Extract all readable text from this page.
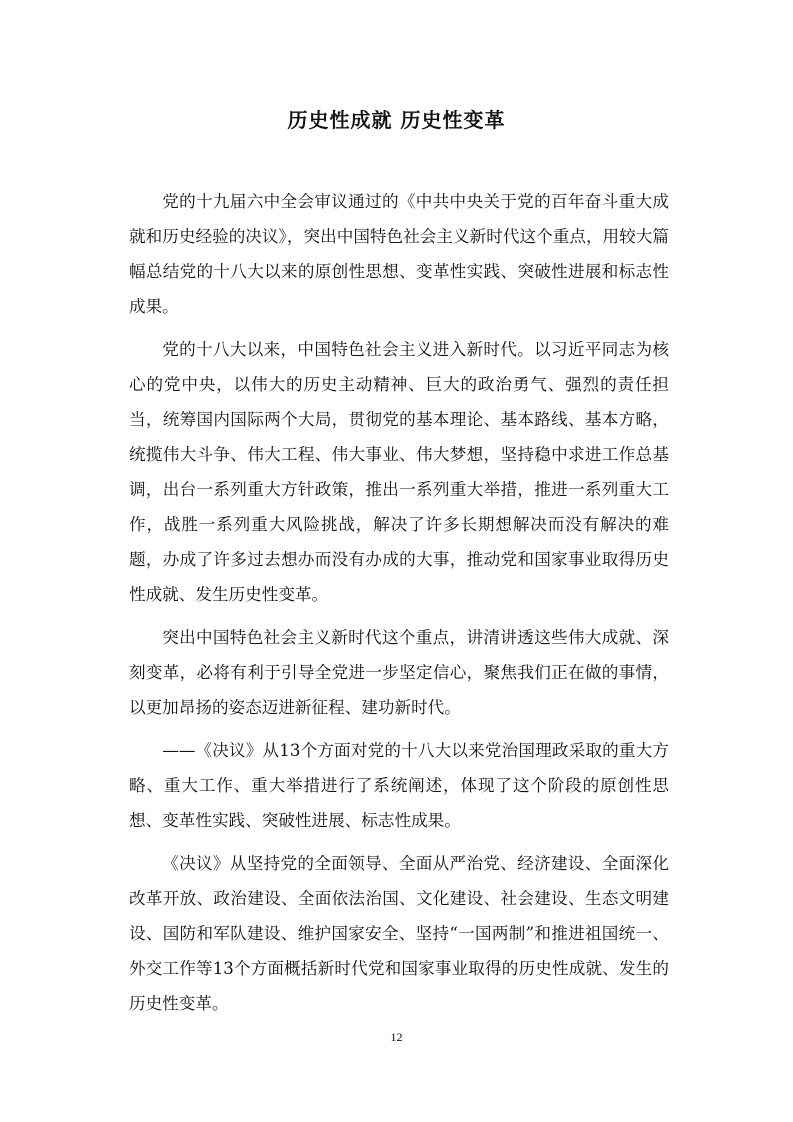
历史性成就 历史性变革

党的十九届六中全会审议通过的《中共中央关于党的百年奋斗重大成就和历史经验的决议》，突出中国特色社会主义新时代这个重点，用较大篇幅总结党的十八大以来的原创性思想、变革性实践、突破性进展和标志性成果。

党的十八大以来，中国特色社会主义进入新时代。以习近平同志为核心的党中央，以伟大的历史主动精神、巨大的政治勇气、强烈的责任担当，统筹国内国际两个大局，贯彻党的基本理论、基本路线、基本方略，统揽伟大斗争、伟大工程、伟大事业、伟大梦想，坚持稳中求进工作总基调，出台一系列重大方针政策，推出一系列重大举措，推进一系列重大工作，战胜一系列重大风险挑战，解决了许多长期想解决而没有解决的难题，办成了许多过去想办而没有办成的大事，推动党和国家事业取得历史性成就、发生历史性变革。

突出中国特色社会主义新时代这个重点，讲清讲透这些伟大成就、深刻变革，必将有利于引导全党进一步坚定信心，聚焦我们正在做的事情，以更加昂扬的姿态迈进新征程、建功新时代。

——《决议》从13个方面对党的十八大以来党治国理政采取的重大方略、重大工作、重大举措进行了系统阐述，体现了这个阶段的原创性思想、变革性实践、突破性进展、标志性成果。

《决议》从坚持党的全面领导、全面从严治党、经济建设、全面深化改革开放、政治建设、全面依法治国、文化建设、社会建设、生态文明建设、国防和军队建设、维护国家安全、坚持“一国两制”和推进祖国统一、外交工作等13个方面概括新时代党和国家事业取得的历史性成就、发生的历史性变革。

12
